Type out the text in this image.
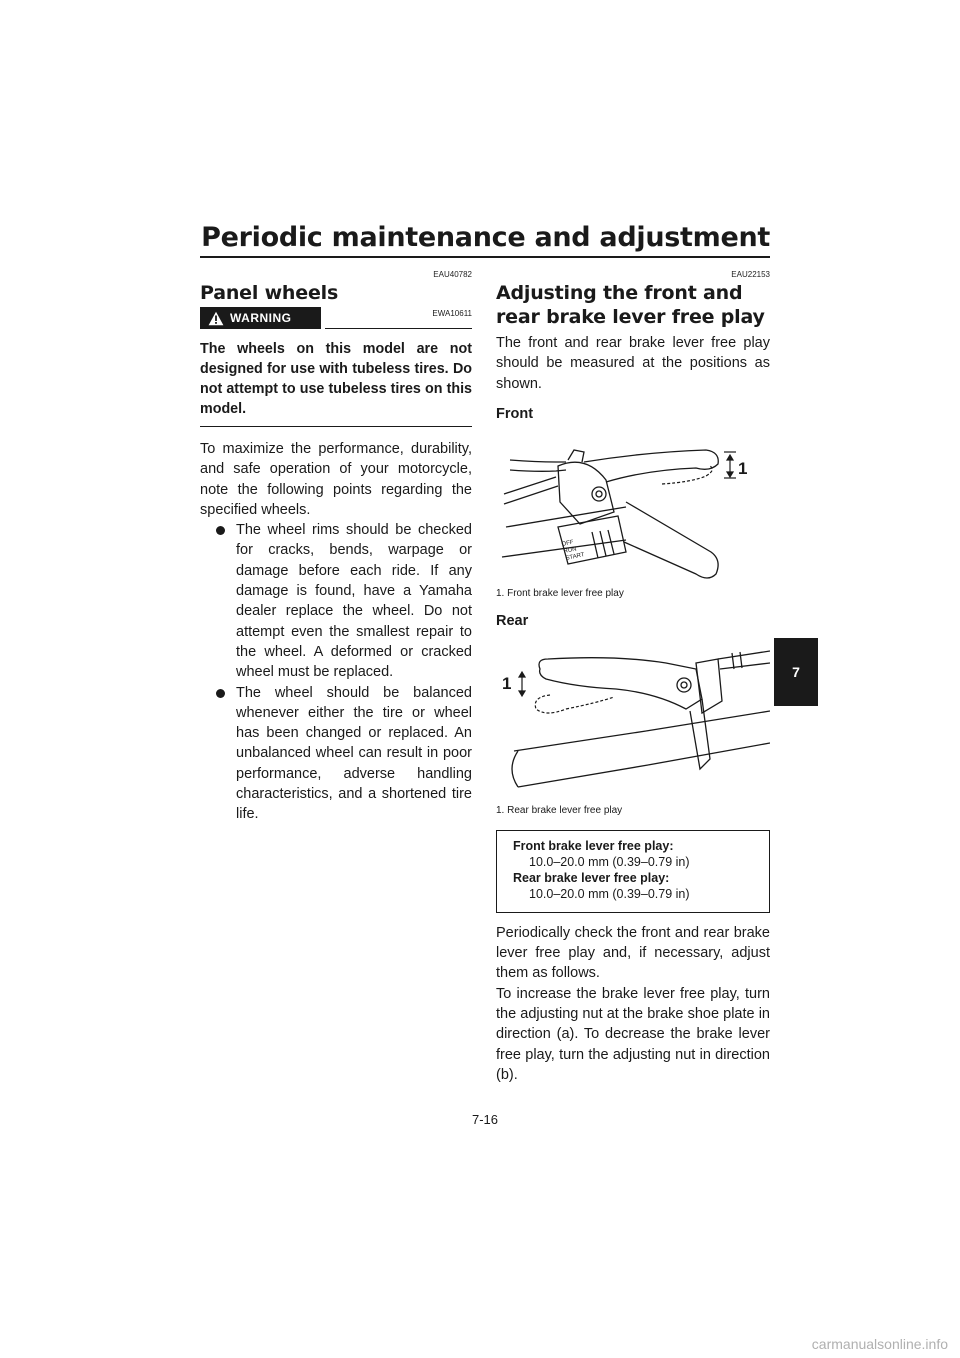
Periodic maintenance and adjustment
EAU40782
Panel wheels
WARNING	EWA10611
The wheels on this model are not designed for use with tubeless tires. Do not attempt to use tubeless tires on this model.

To maximize the performance, durability, and safe operation of your motorcycle, note the following points regarding the specified wheels.

The wheel rims should be checked for cracks, bends, warpage or damage before each ride. If any damage is found, have a Yamaha dealer replace the wheel. Do not attempt even the smallest repair to the wheel. A deformed or cracked wheel must be replaced.
The wheel should be balanced whenever either the tire or wheel has been changed or replaced. An unbalanced wheel can result in poor performance, adverse handling characteristics, and a shortened tire life.
EAU22153
Adjusting the front and rear brake lever free play

The front and rear brake lever free play should be measured at the positions as shown.

Front
1
OFF
RUN
START
1. Front brake lever free play
Rear
1
1. Rear brake lever free play
Front brake lever free play:
10.0–20.0 mm (0.39–0.79 in)
Rear brake lever free play:
10.0–20.0 mm (0.39–0.79 in)

Periodically check the front and rear brake lever free play and, if necessary, adjust them as follows.

To increase the brake lever free play, turn the adjusting nut at the brake shoe plate in direction (a). To decrease the brake lever free play, turn the adjusting nut in direction (b).

7
7-16
carmanualsonline.info
